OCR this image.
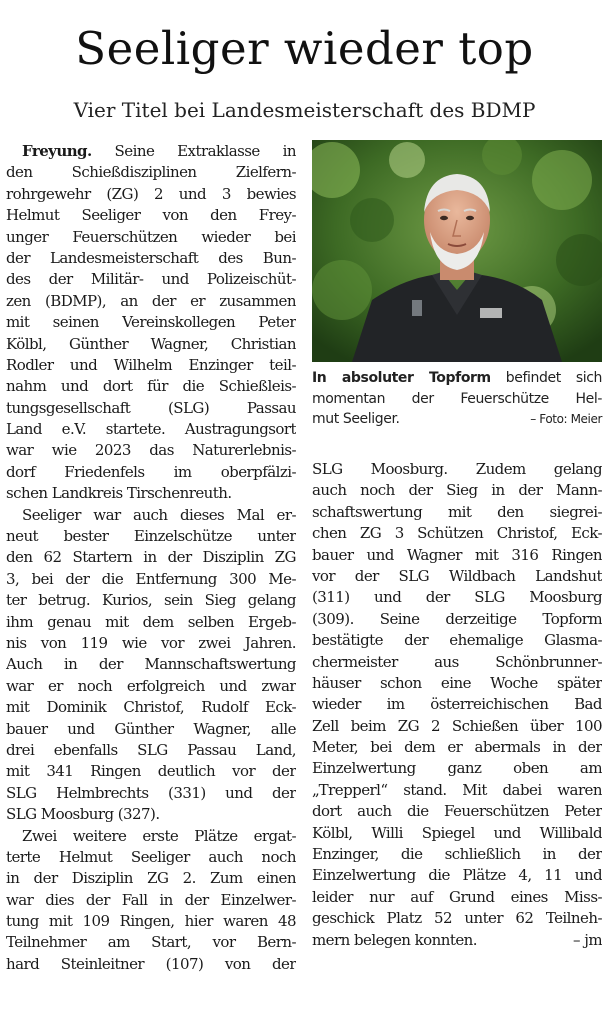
Seeliger wieder top
Vier Titel bei Landesmeisterschaft des BDMP
Freyung. Seine Extraklasse in
den Schießdisziplinen Zielfern-
rohrgewehr (ZG) 2 und 3 bewies
Helmut Seeliger von den Frey-
unger Feuerschützen wieder bei
der Landesmeisterschaft des Bun-
des der Militär- und Polizeischüt-
zen (BDMP), an der er zusammen
mit seinen Vereinskollegen Peter
Kölbl, Günther Wagner, Christian
Rodler und Wilhelm Enzinger teil-
nahm und dort für die Schießleis-
tungsgesellschaft (SLG) Passau
Land e.V. startete. Austragungsort
war wie 2023 das Naturerlebnis-
dorf Friedenfels im oberpfälzi-
schen Landkreis Tirschenreuth.
Seeliger war auch dieses Mal er-
neut bester Einzelschütze unter
den 62 Startern in der Disziplin ZG
3, bei der die Entfernung 300 Me-
ter betrug. Kurios, sein Sieg gelang
ihm genau mit dem selben Ergeb-
nis von 119 wie vor zwei Jahren.
Auch in der Mannschaftswertung
war er noch erfolgreich und zwar
mit Dominik Christof, Rudolf Eck-
bauer und Günther Wagner, alle
drei ebenfalls SLG Passau Land,
mit 341 Ringen deutlich vor der
SLG Helmbrechts (331) und der
SLG Moosburg (327).
Zwei weitere erste Plätze ergat-
terte Helmut Seeliger auch noch
in der Disziplin ZG 2. Zum einen
war dies der Fall in der Einzelwer-
tung mit 109 Ringen, hier waren 48
Teilnehmer am Start, vor Bern-
hard Steinleitner (107) von der
In absoluter Topform befindet sich
momentan der Feuerschütze Hel-
mut Seeliger.	– Foto: Meier
SLG Moosburg. Zudem gelang
auch noch der Sieg in der Mann-
schaftswertung mit den siegrei-
chen ZG 3 Schützen Christof, Eck-
bauer und Wagner mit 316 Ringen
vor der SLG Wildbach Landshut
(311) und der SLG Moosburg
(309). Seine derzeitige Topform
bestätigte der ehemalige Glasma-
chermeister aus Schönbrunner-
häuser schon eine Woche später
wieder im österreichischen Bad
Zell beim ZG 2 Schießen über 100
Meter, bei dem er abermals in der
Einzelwertung ganz oben am
„Trepperl“ stand. Mit dabei waren
dort auch die Feuerschützen Peter
Kölbl, Willi Spiegel und Willibald
Enzinger, die schließlich in der
Einzelwertung die Plätze 4, 11 und
leider nur auf Grund eines Miss-
geschick Platz 52 unter 62 Teilneh-
mern belegen konnten.	– jm
